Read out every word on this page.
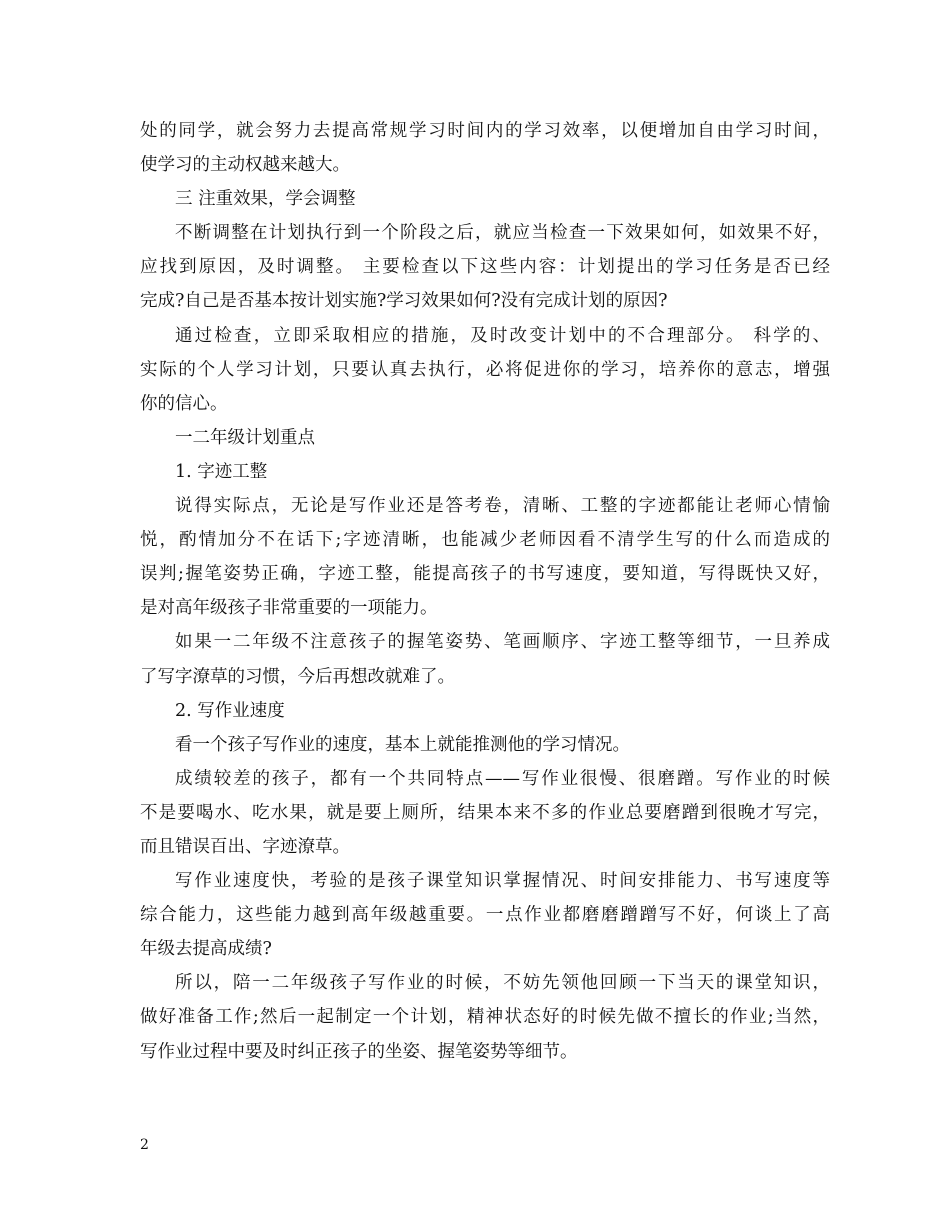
处的同学，就会努力去提高常规学习时间内的学习效率，以便增加自由学习时间，
使学习的主动权越来越大。
三 注重效果，学会调整
不断调整在计划执行到一个阶段之后，就应当检查一下效果如何，如效果不好，
应找到原因，及时调整。 主要检查以下这些内容：计划提出的学习任务是否已经
完成?自己是否基本按计划实施?学习效果如何?没有完成计划的原因?
通过检查，立即采取相应的措施，及时改变计划中的不合理部分。 科学的、
实际的个人学习计划，只要认真去执行，必将促进你的学习，培养你的意志，增强
你的信心。
一二年级计划重点
1. 字迹工整
说得实际点，无论是写作业还是答考卷，清晰、工整的字迹都能让老师心情愉
悦，酌情加分不在话下;字迹清晰，也能减少老师因看不清学生写的什么而造成的
误判;握笔姿势正确，字迹工整，能提高孩子的书写速度，要知道，写得既快又好，
是对高年级孩子非常重要的一项能力。
如果一二年级不注意孩子的握笔姿势、笔画顺序、字迹工整等细节，一旦养成
了写字潦草的习惯，今后再想改就难了。
2. 写作业速度
看一个孩子写作业的速度，基本上就能推测他的学习情况。
成绩较差的孩子，都有一个共同特点——写作业很慢、很磨蹭。写作业的时候
不是要喝水、吃水果，就是要上厕所，结果本来不多的作业总要磨蹭到很晚才写完，
而且错误百出、字迹潦草。
写作业速度快，考验的是孩子课堂知识掌握情况、时间安排能力、书写速度等
综合能力，这些能力越到高年级越重要。一点作业都磨磨蹭蹭写不好，何谈上了高
年级去提高成绩?
所以，陪一二年级孩子写作业的时候，不妨先领他回顾一下当天的课堂知识，
做好准备工作;然后一起制定一个计划，精神状态好的时候先做不擅长的作业;当然，
写作业过程中要及时纠正孩子的坐姿、握笔姿势等细节。
2
